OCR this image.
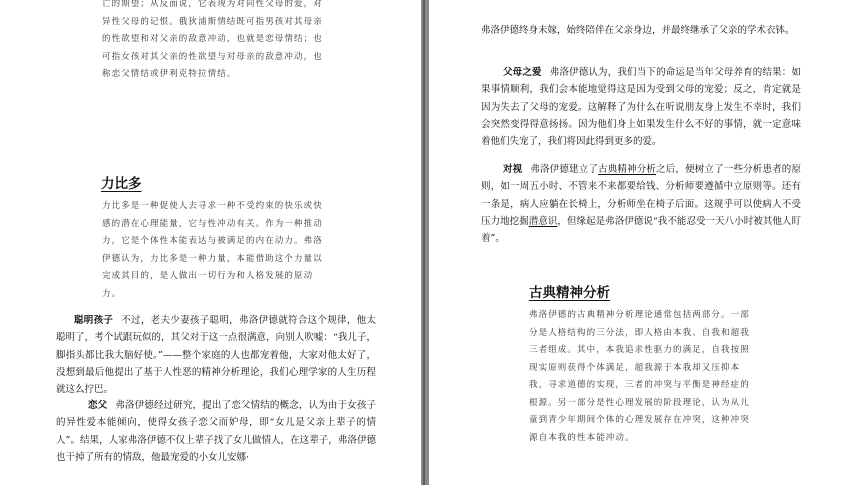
亡的期望；从反面说，它表现为对同性父母的爱，对异性父母的记恨。俄狄浦斯情结既可指男孩对其母亲的性欲望和对父亲的敌意冲动，也就是恋母情结；也可指女孩对其父亲的性欲望与对母亲的敌意冲动，也称恋父情结或伊利克特拉情结。

力比多

力比多是一种促使人去寻求一种不受约束的快乐或快感的潜在心理能量，它与性冲动有关。作为一种推动力，它是个体性本能表达与被满足的内在动力。弗洛伊德认为，力比多是一种力量，本能借助这个力量以完成其目的，是人做出一切行为和人格发展的原动力。

聪明孩子 不过，老夫少妻孩子聪明，弗洛伊德就符合这个规律，他太聪明了，考个试跟玩似的，其父对于这一点很满意，向别人吹嘘：“我儿子，脚指头都比我大脑好使。”——整个家庭的人也都宠着他，大家对他太好了，没想到最后他提出了基于人性恶的精神分析理论，我们心理学家的人生历程就这么拧巴。

恋父 弗洛伊德经过研究，提出了恋父情结的概念，认为由于女孩子的异性爱本能倾向，使得女孩子恋父而妒母，即“女儿是父亲上辈子的情人”。结果，人家弗洛伊德不仅上辈子找了女儿做情人，在这辈子，弗洛伊德也干掉了所有的情敌，他最宠爱的小女儿安娜·

弗洛伊德终身未嫁，始终陪伴在父亲身边，并最终继承了父亲的学术衣钵。

父母之爱 弗洛伊德认为，我们当下的命运是当年父母养育的结果：如果事情顺利，我们会本能地觉得这是因为受到父母的宠爱；反之，肯定就是因为失去了父母的宠爱。这解释了为什么在听说朋友身上发生不幸时，我们会突然变得得意扬扬。因为他们身上如果发生什么不好的事情，就一定意味着他们失宠了，我们将因此得到更多的爱。

对视 弗洛伊德建立了古典精神分析之后，便树立了一些分析患者的原则，如一周五小时、不管来不来都要给钱、分析师要遵循中立原则等。还有一条是，病人应躺在长椅上，分析师坐在椅子后面。这规乎可以使病人不受压力地挖掘潜意识，但缘起是弗洛伊德说“我不能忍受一天八小时被其他人盯着”。

古典精神分析

弗洛伊德的古典精神分析理论通常包括两部分。一部分是人格结构的三分法，即人格由本我、自我和超我三者组成。其中，本我追求性驱力的满足，自我按照现实原则获得个体满足，超我源于本我却又压抑本我，寻求道德的实现，三者的冲突与平衡是神经症的根源。另一部分是性心理发展的阶段理论，认为从儿童到青少年期间个体的心理发展存在冲突，这种冲突源自本我的性本能冲动。
